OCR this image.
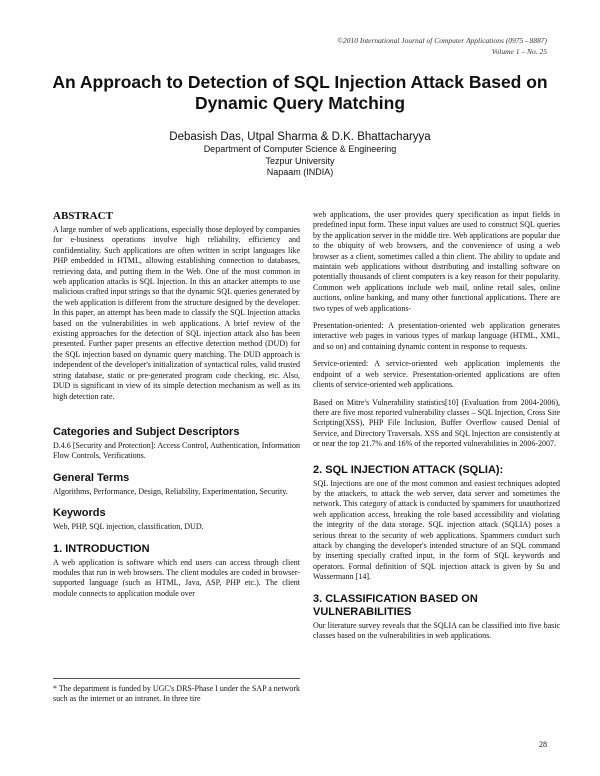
©2010 International Journal of Computer Applications (0975 - 8887)
Volume 1 – No. 25
An Approach to Detection of SQL Injection Attack Based on Dynamic Query Matching
Debasish Das, Utpal Sharma & D.K. Bhattacharyya
Department of Computer Science & Engineering
Tezpur University
Napaam (INDIA)
ABSTRACT
A large number of web applications, especially those deployed by companies for e-business operations involve high reliability, efficiency and confidentiality. Such applications are often written in script languages like PHP embedded in HTML, allowing establishing connection to databases, retrieving data, and putting them in the Web. One of the most common in web application attacks is SQL Injection. In this an attacker attempts to use malicious crafted input strings so that the dynamic SQL queries generated by the web application is different from the structure designed by the developer. In this paper, an attempt has been made to classify the SQL Injection attacks based on the vulnerabilities in web applications. A brief review of the existing approaches for the detection of SQL injection attack also has been presented. Further paper presents an effective detection method (DUD) for the SQL injection based on dynamic query matching. The DUD approach is independent of the developer's initialization of syntactical rules, valid trusted string database, static or pre-generated program code checking, etc. Also, DUD is significant in view of its simple detection mechanism as well as its high detection rate.
Categories and Subject Descriptors
D.4.6 [Security and Protection]: Access Control, Authentication, Information Flow Controls, Verifications.
General Terms
Algorithms, Performance, Design, Reliability, Experimentation, Security.
Keywords
Web, PHP, SQL injection, classification, DUD.
1. INTRODUCTION
A web application is software which end users can access through client modules that run in web browsers. The client modules are coded in browser-supported language (such as HTML, Java, ASP, PHP etc.). The client module connects to application module over
* The department is funded by UGC's DRS-Phase I under the SAP a network such as the internet or an intranet. In three tire
web applications, the user provides query specification as input fields in predefined input form. These input values are used to construct SQL queries by the application server in the middle tire. Web applications are popular due to the ubiquity of web browsers, and the convenience of using a web browser as a client, sometimes called a thin client. The ability to update and maintain web applications without distributing and installing software on potentially thousands of client computers is a key reason for their popularity. Common web applications include web mail, online retail sales, online auctions, online banking, and many other functional applications. There are two types of web applications-
Presentation-oriented: A presentation-oriented web application generates interactive web pages in various types of markup language (HTML, XML, and so on) and containing dynamic content in response to requests.
Service-oriented: A service-oriented web application implements the endpoint of a web service. Presentation-oriented applications are often clients of service-oriented web applications.
Based on Mitre's Vulnerability statistics[10] (Evaluation from 2004-2006), there are five most reported vulnerability classes – SQL Injection, Cross Site Scripting(XSS), PHP File Inclusion, Buffer Overflow caused Denial of Service, and Directory Traversals. XSS and SQL Injection are consistently at or near the top 21.7% and 16% of the reported vulnerabilities in 2006-2007.
2. SQL INJECTION ATTACK (SQLIA):
SQL Injections are one of the most common and easiest techniques adopted by the attackers, to attack the web server, data server and sometimes the network. This category of attack is conducted by spammers for unauthorized web application access, breaking the role based accessibility and violating the integrity of the data storage. SQL injection attack (SQLIA) poses a serious threat to the security of web applications. Spammers conduct such attack by changing the developer's intended structure of an SQL command by inserting specially crafted input, in the form of SQL keywords and operators. Formal definition of SQL injection attack is given by Su and Wassermann [14].
3. CLASSIFICATION BASED ON VULNERABILITIES
Our literature survey reveals that the SQLIA can be classified into five basic classes based on the vulnerabilities in web applications.
28
